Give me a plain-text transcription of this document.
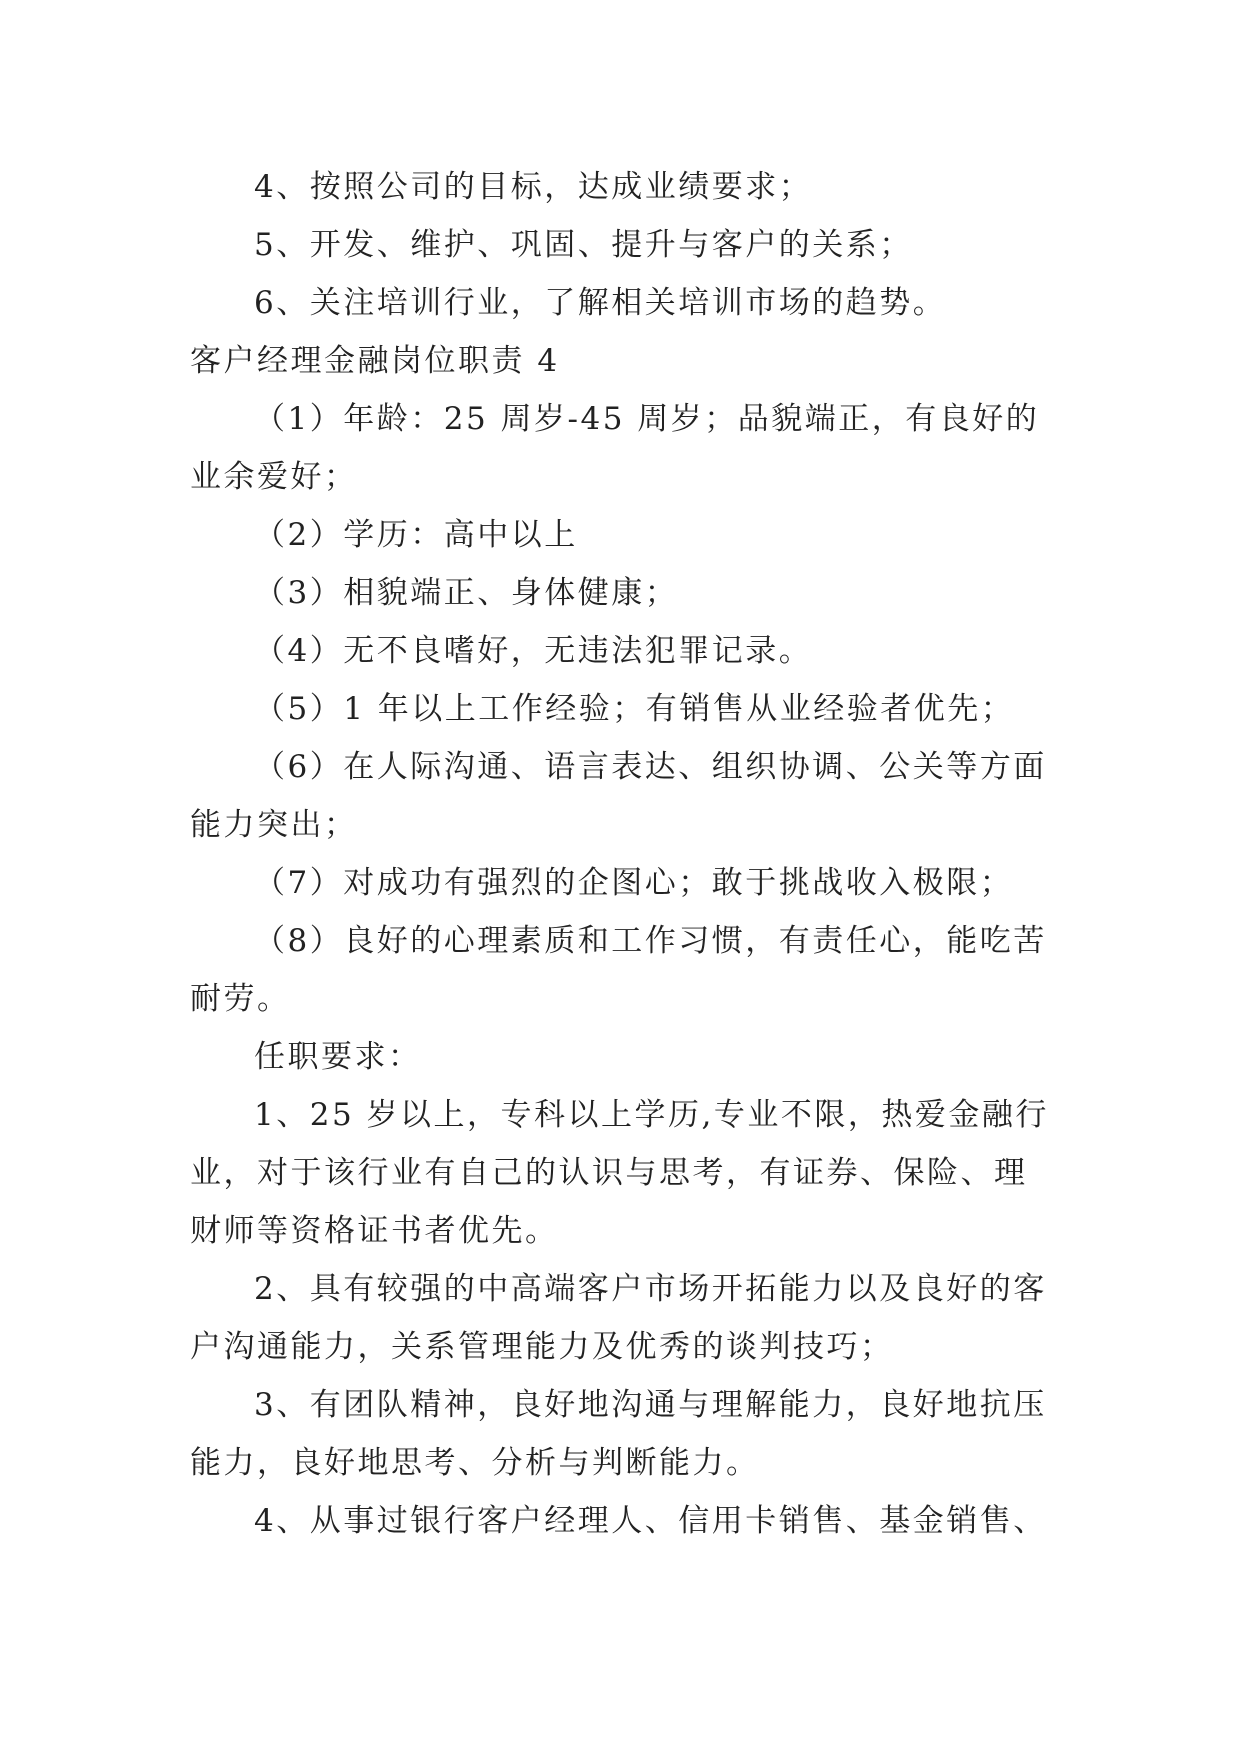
4、按照公司的目标，达成业绩要求；

5、开发、维护、巩固、提升与客户的关系；

6、关注培训行业，了解相关培训市场的趋势。

客户经理金融岗位职责 4

（1）年龄：25 周岁-45 周岁；品貌端正，有良好的业余爱好；

（2）学历：高中以上

（3）相貌端正、身体健康；

（4）无不良嗜好，无违法犯罪记录。

（5）1 年以上工作经验；有销售从业经验者优先；

（6）在人际沟通、语言表达、组织协调、公关等方面能力突出；

（7）对成功有强烈的企图心；敢于挑战收入极限；

（8）良好的心理素质和工作习惯，有责任心，能吃苦耐劳。

任职要求：

1、25 岁以上，专科以上学历,专业不限，热爱金融行业，对于该行业有自己的认识与思考，有证券、保险、理财师等资格证书者优先。

2、具有较强的中高端客户市场开拓能力以及良好的客户沟通能力，关系管理能力及优秀的谈判技巧；

3、有团队精神，良好地沟通与理解能力，良好地抗压能力，良好地思考、分析与判断能力。

4、从事过银行客户经理人、信用卡销售、基金销售、
